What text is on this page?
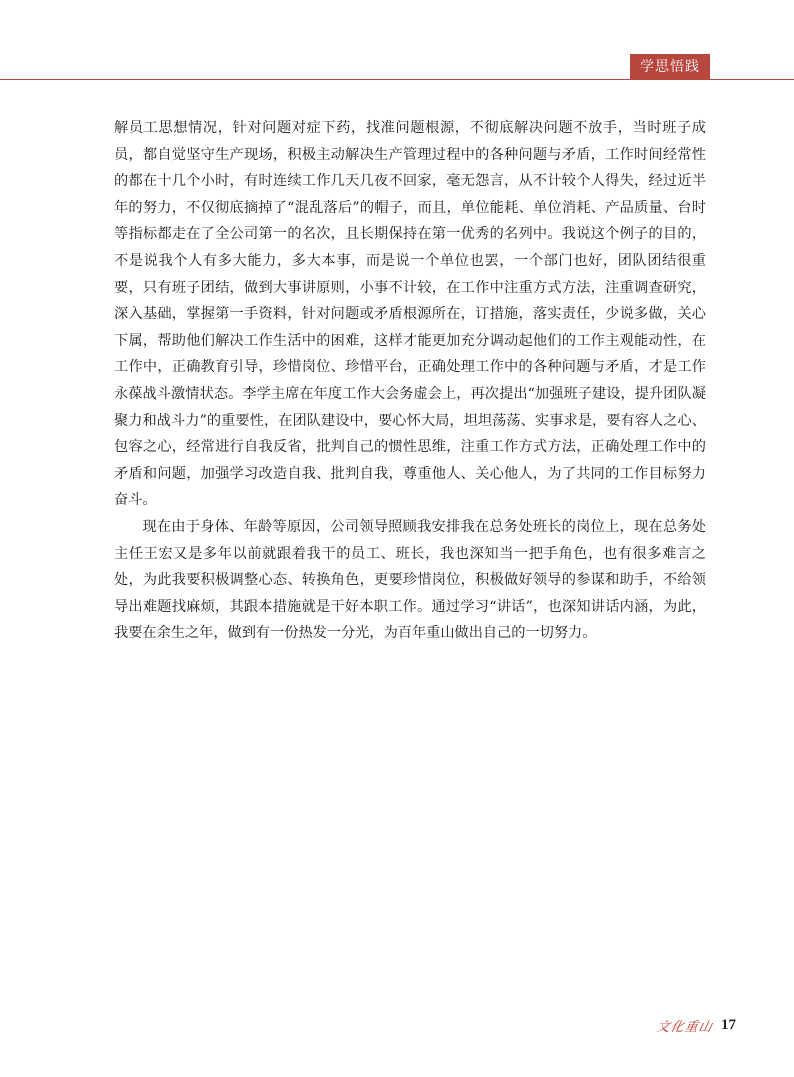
学思悟践

解员工思想情况，针对问题对症下药，找准问题根源，不彻底解决问题不放手，当时班子成员，都自觉坚守生产现场，积极主动解决生产管理过程中的各种问题与矛盾，工作时间经常性的都在十几个小时，有时连续工作几天几夜不回家，毫无怨言，从不计较个人得失，经过近半年的努力，不仅彻底摘掉了“混乱落后”的帽子，而且，单位能耗、单位消耗、产品质量、台时等指标都走在了全公司第一的名次，且长期保持在第一优秀的名列中。我说这个例子的目的，不是说我个人有多大能力，多大本事，而是说一个单位也罢，一个部门也好，团队团结很重要，只有班子团结，做到大事讲原则，小事不计较，在工作中注重方式方法，注重调查研究，深入基础，掌握第一手资料，针对问题或矛盾根源所在，订措施，落实责任，少说多做，关心下属，帮助他们解决工作生活中的困难，这样才能更加充分调动起他们的工作主观能动性，在工作中，正确教育引导，珍惜岗位、珍惜平台，正确处理工作中的各种问题与矛盾，才是工作永葆战斗激情状态。李学主席在年度工作大会务虚会上，再次提出“加强班子建设，提升团队凝聚力和战斗力”的重要性，在团队建设中，要心怀大局，坦坦荡荡、实事求是，要有容人之心、包容之心，经常进行自我反省，批判自己的惯性思维，注重工作方式方法，正确处理工作中的矛盾和问题，加强学习改造自我、批判自我，尊重他人、关心他人，为了共同的工作目标努力奋斗。

现在由于身体、年龄等原因，公司领导照顾我安排我在总务处班长的岗位上，现在总务处主任王宏又是多年以前就跟着我干的员工、班长，我也深知当一把手角色，也有很多难言之处，为此我要积极调整心态、转换角色，更要珍惜岗位，积极做好领导的参谋和助手，不给领导出难题找麻烦，其跟本措施就是干好本职工作。通过学习“讲话”，也深知讲话内涵，为此，我要在余生之年，做到有一份热发一分光，为百年重山做出自己的一切努力。

文化重山 17
